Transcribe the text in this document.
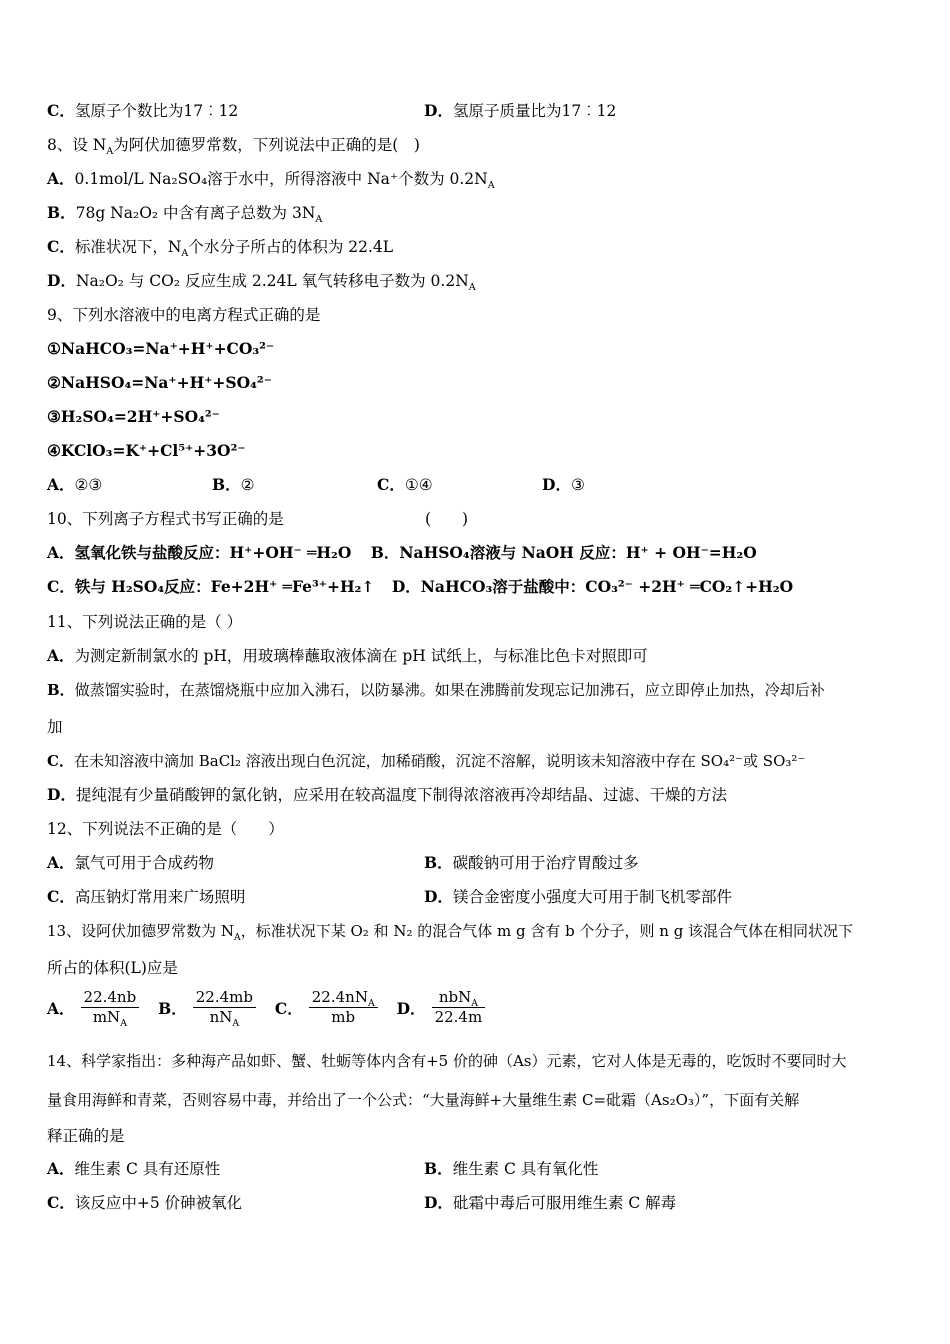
C．氢原子个数比为17︰12	D．氢原子质量比为17︰12
8、设 $N_A$为阿伏加德罗常数，下列说法中正确的是(　)
A．0.1mol/L Na₂SO₄溶于水中，所得溶液中 Na⁺个数为 $0.2N_A$
B．78g Na₂O₂ 中含有离子总数为 $3N_A$
C．标准状况下，$N_A$个水分子所占的体积为 22.4L
D．Na₂O₂ 与 CO₂ 反应生成 2.24L 氧气转移电子数为 $0.2N_A$
9、下列水溶液中的电离方程式正确的是
①NaHCO₃=Na⁺+H⁺+CO₃²⁻
②NaHSO₄=Na⁺+H⁺+SO₄²⁻
③H₂SO₄=2H⁺+SO₄²⁻
④KClO₃=K⁺+Cl⁵⁺+3O²⁻
A．②③	B．②	C．①④	D．③
10、下列离子方程式书写正确的是	(　　)
A．氢氧化铁与盐酸反应：H⁺+OH⁻ ═H₂O B．NaHSO₄溶液与 NaOH 反应：H⁺ + OH⁻=H₂O
C．铁与 H₂SO₄反应：Fe+2H⁺ ═Fe³⁺+H₂↑ D．NaHCO₃溶于盐酸中：CO₃²⁻ +2H⁺ ═CO₂↑+H₂O
11、下列说法正确的是（ ）
A．为测定新制氯水的 pH，用玻璃棒蘸取液体滴在 pH 试纸上，与标准比色卡对照即可
B．做蒸馏实验时，在蒸馏烧瓶中应加入沸石，以防暴沸。如果在沸腾前发现忘记加沸石，应立即停止加热，冷却后补
加
C．在未知溶液中滴加 BaCl₂ 溶液出现白色沉淀，加稀硝酸，沉淀不溶解，说明该未知溶液中存在 SO₄²⁻或 SO₃²⁻
D．提纯混有少量硝酸钾的氯化钠，应采用在较高温度下制得浓溶液再冷却结晶、过滤、干燥的方法
12、下列说法不正确的是（　　）
A．氯气可用于合成药物	B．碳酸钠可用于治疗胃酸过多
C．高压钠灯常用来广场照明	D．镁合金密度小强度大可用于制飞机零部件
13、设阿伏加德罗常数为 $N_A$，标准状况下某 O₂ 和 N₂ 的混合气体 m g 含有 b 个分子，则 n g 该混合气体在相同状况下
所占的体积(L)应是
A． $\frac{22.4nb}{mN_A}$ B． $\frac{22.4mb}{nN_A}$ C． $\frac{22.4nN_A}{mb}$ D． $\frac{nbN_A}{22.4m}$
14、科学家指出：多种海产品如虾、蟹、牡蛎等体内含有+5 价的砷（As）元素，它对人体是无毒的，吃饭时不要同时大
量食用海鲜和青菜，否则容易中毒，并给出了一个公式：“大量海鲜+大量维生素 C=砒霜（As₂O₃）”，下面有关解
释正确的是
A．维生素 C 具有还原性	B．维生素 C 具有氧化性
C．该反应中+5 价砷被氧化	D．砒霜中毒后可服用维生素 C 解毒
